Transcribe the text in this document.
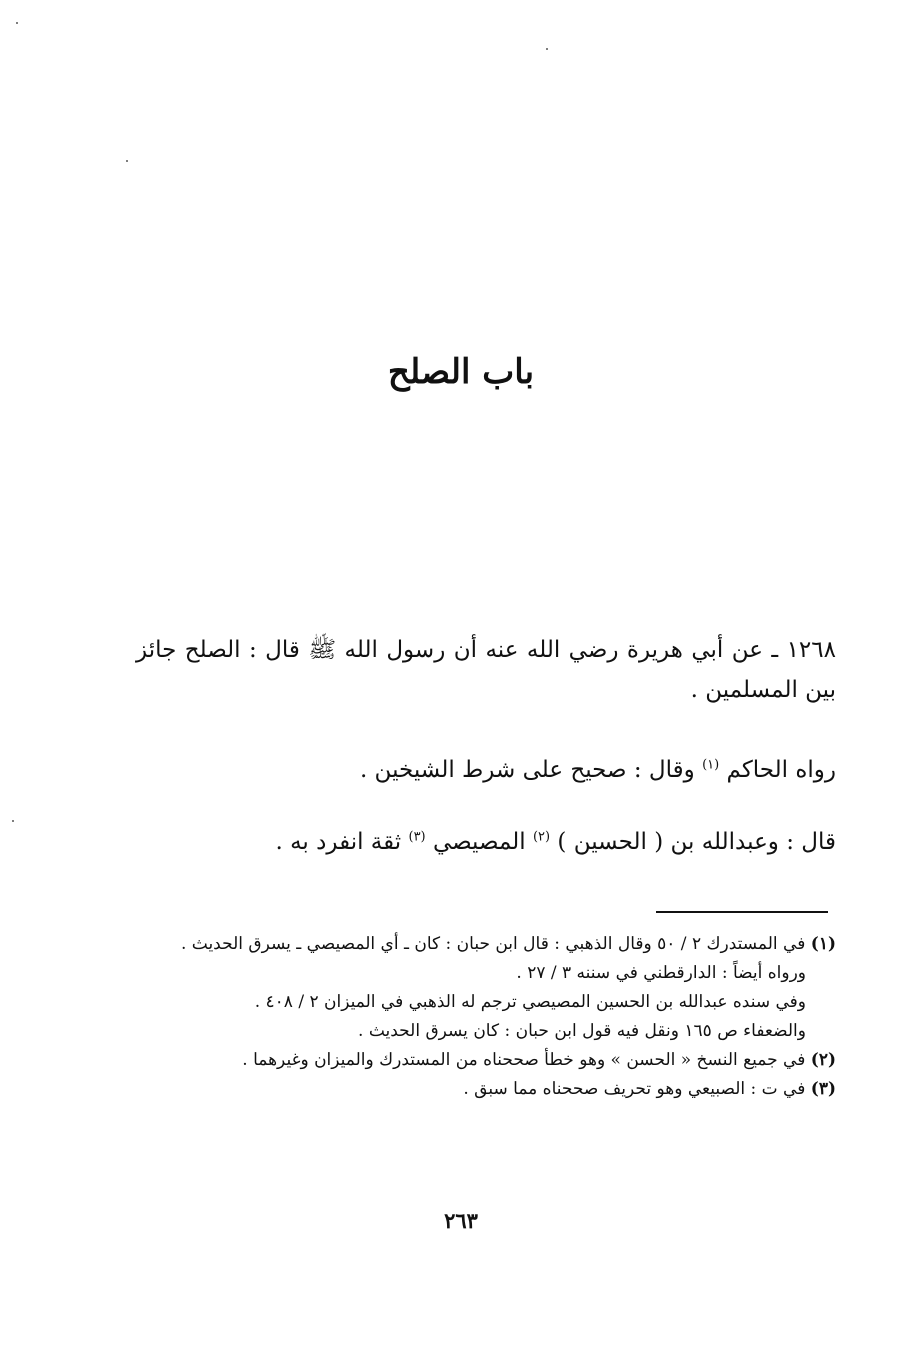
باب الصلح

١٢٦٨ ـ عن أبي هريرة رضي الله عنه أن رسول الله ﷺ قال : الصلح جائز بين المسلمين .

رواه الحاكم $^{(١)}$ وقال : صحيح على شرط الشيخين .

قال : وعبدالله بن ( الحسين ) $^{(٢)}$ المصيصي $^{(٣)}$ ثقة انفرد به .

(١) في المستدرك ٢ / ٥٠ وقال الذهبي : قال ابن حبان : كان ـ أي المصيصي ـ يسرق الحديث .

ورواه أيضاً : الدارقطني في سننه ٣ / ٢٧ .

وفي سنده عبدالله بن الحسين المصيصي ترجم له الذهبي في الميزان ٢ / ٤٠٨ .

والضعفاء ص ١٦٥ ونقل فيه قول ابن حبان : كان يسرق الحديث .

(٢) في جميع النسخ « الحسن » وهو خطأ صححناه من المستدرك والميزان وغيرهما .

(٣) في ت : الصبيعي وهو تحريف صححناه مما سبق .

٢٦٣
